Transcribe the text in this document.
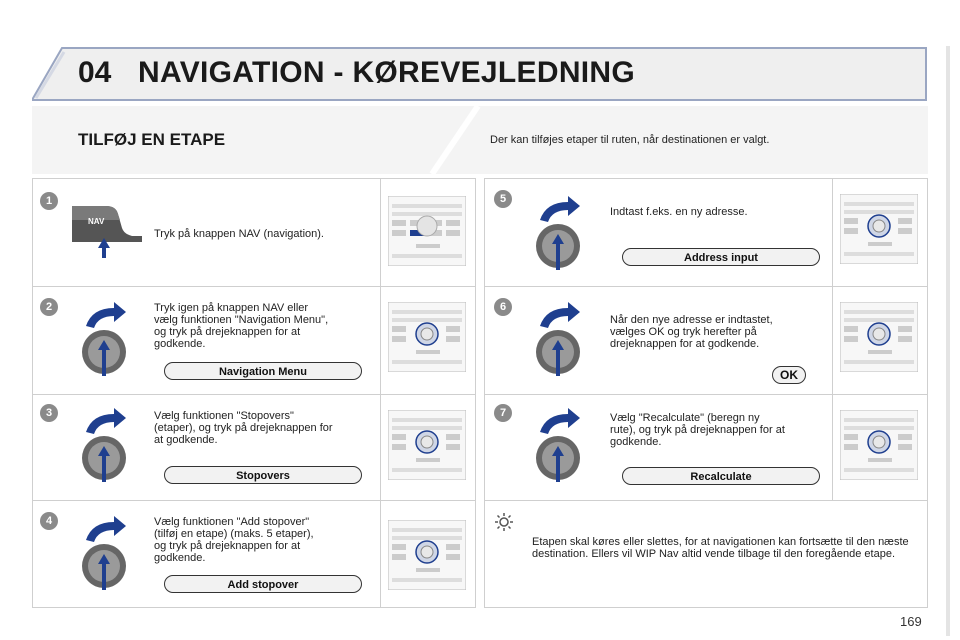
04 NAVIGATION - KØREVEJLEDNING
TILFØJ EN ETAPE	Der kan tilføjes etaper til ruten, når destinationen er valgt.
1
NAV
Tryk på knappen NAV (navigation).
2	Tryk igen på knappen NAV eller
vælg funktionen "Navigation Menu",
og tryk på drejeknappen for at
godkende.
Navigation Menu
3	Vælg funktionen "Stopovers"
(etaper), og tryk på drejeknappen for
at godkende.
Stopovers
4	Vælg funktionen "Add stopover"
(tilføj en etape) (maks. 5 etaper),
og tryk på drejeknappen for at
godkende.
Add stopover
5
Indtast f.eks. en ny adresse.
Address input
6
Når den nye adresse er indtastet,
vælges OK og tryk herefter på
drejeknappen for at godkende.
OK
7	Vælg "Recalculate" (beregn ny
rute), og tryk på drejeknappen for at
godkende.
Recalculate
Etapen skal køres eller slettes, for at navigationen kan fortsætte til den næste destination. Ellers vil WIP Nav altid vende tilbage til den foregående etape.
169
